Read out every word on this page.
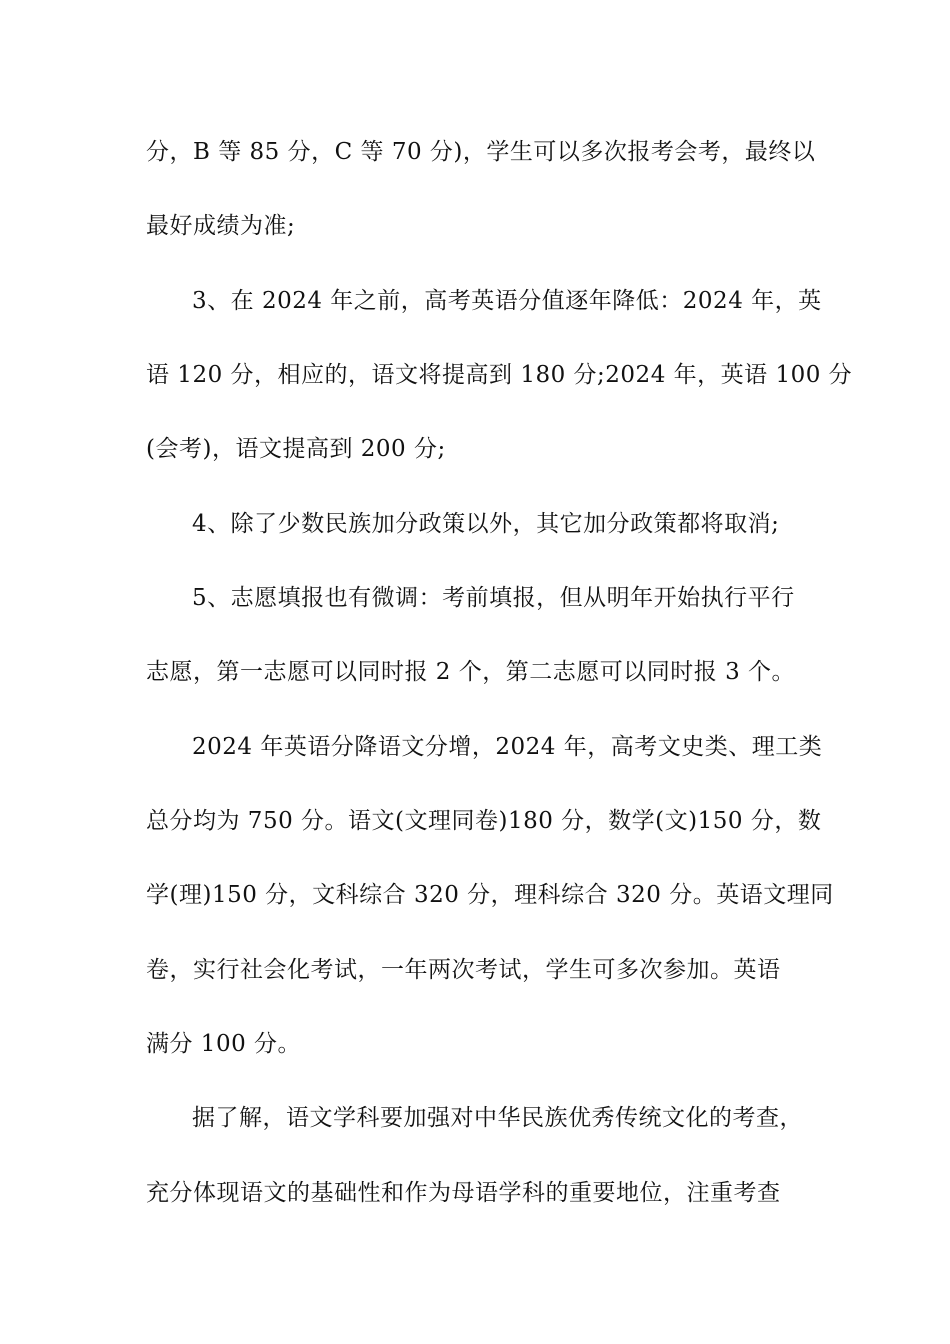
分，B 等 85 分，C 等 70 分)，学生可以多次报考会考，最终以
最好成绩为准;
3、在 2024 年之前，高考英语分值逐年降低：2024 年，英
语 120 分，相应的，语文将提高到 180 分;2024 年，英语 100 分
(会考)，语文提高到 200 分;
4、除了少数民族加分政策以外，其它加分政策都将取消;
5、志愿填报也有微调：考前填报，但从明年开始执行平行
志愿，第一志愿可以同时报 2 个，第二志愿可以同时报 3 个。
2024 年英语分降语文分增，2024 年，高考文史类、理工类
总分均为 750 分。语文(文理同卷)180 分，数学(文)150 分，数
学(理)150 分，文科综合 320 分，理科综合 320 分。英语文理同
卷，实行社会化考试，一年两次考试，学生可多次参加。英语
满分 100 分。
据了解，语文学科要加强对中华民族优秀传统文化的考查，
充分体现语文的基础性和作为母语学科的重要地位，注重考查
